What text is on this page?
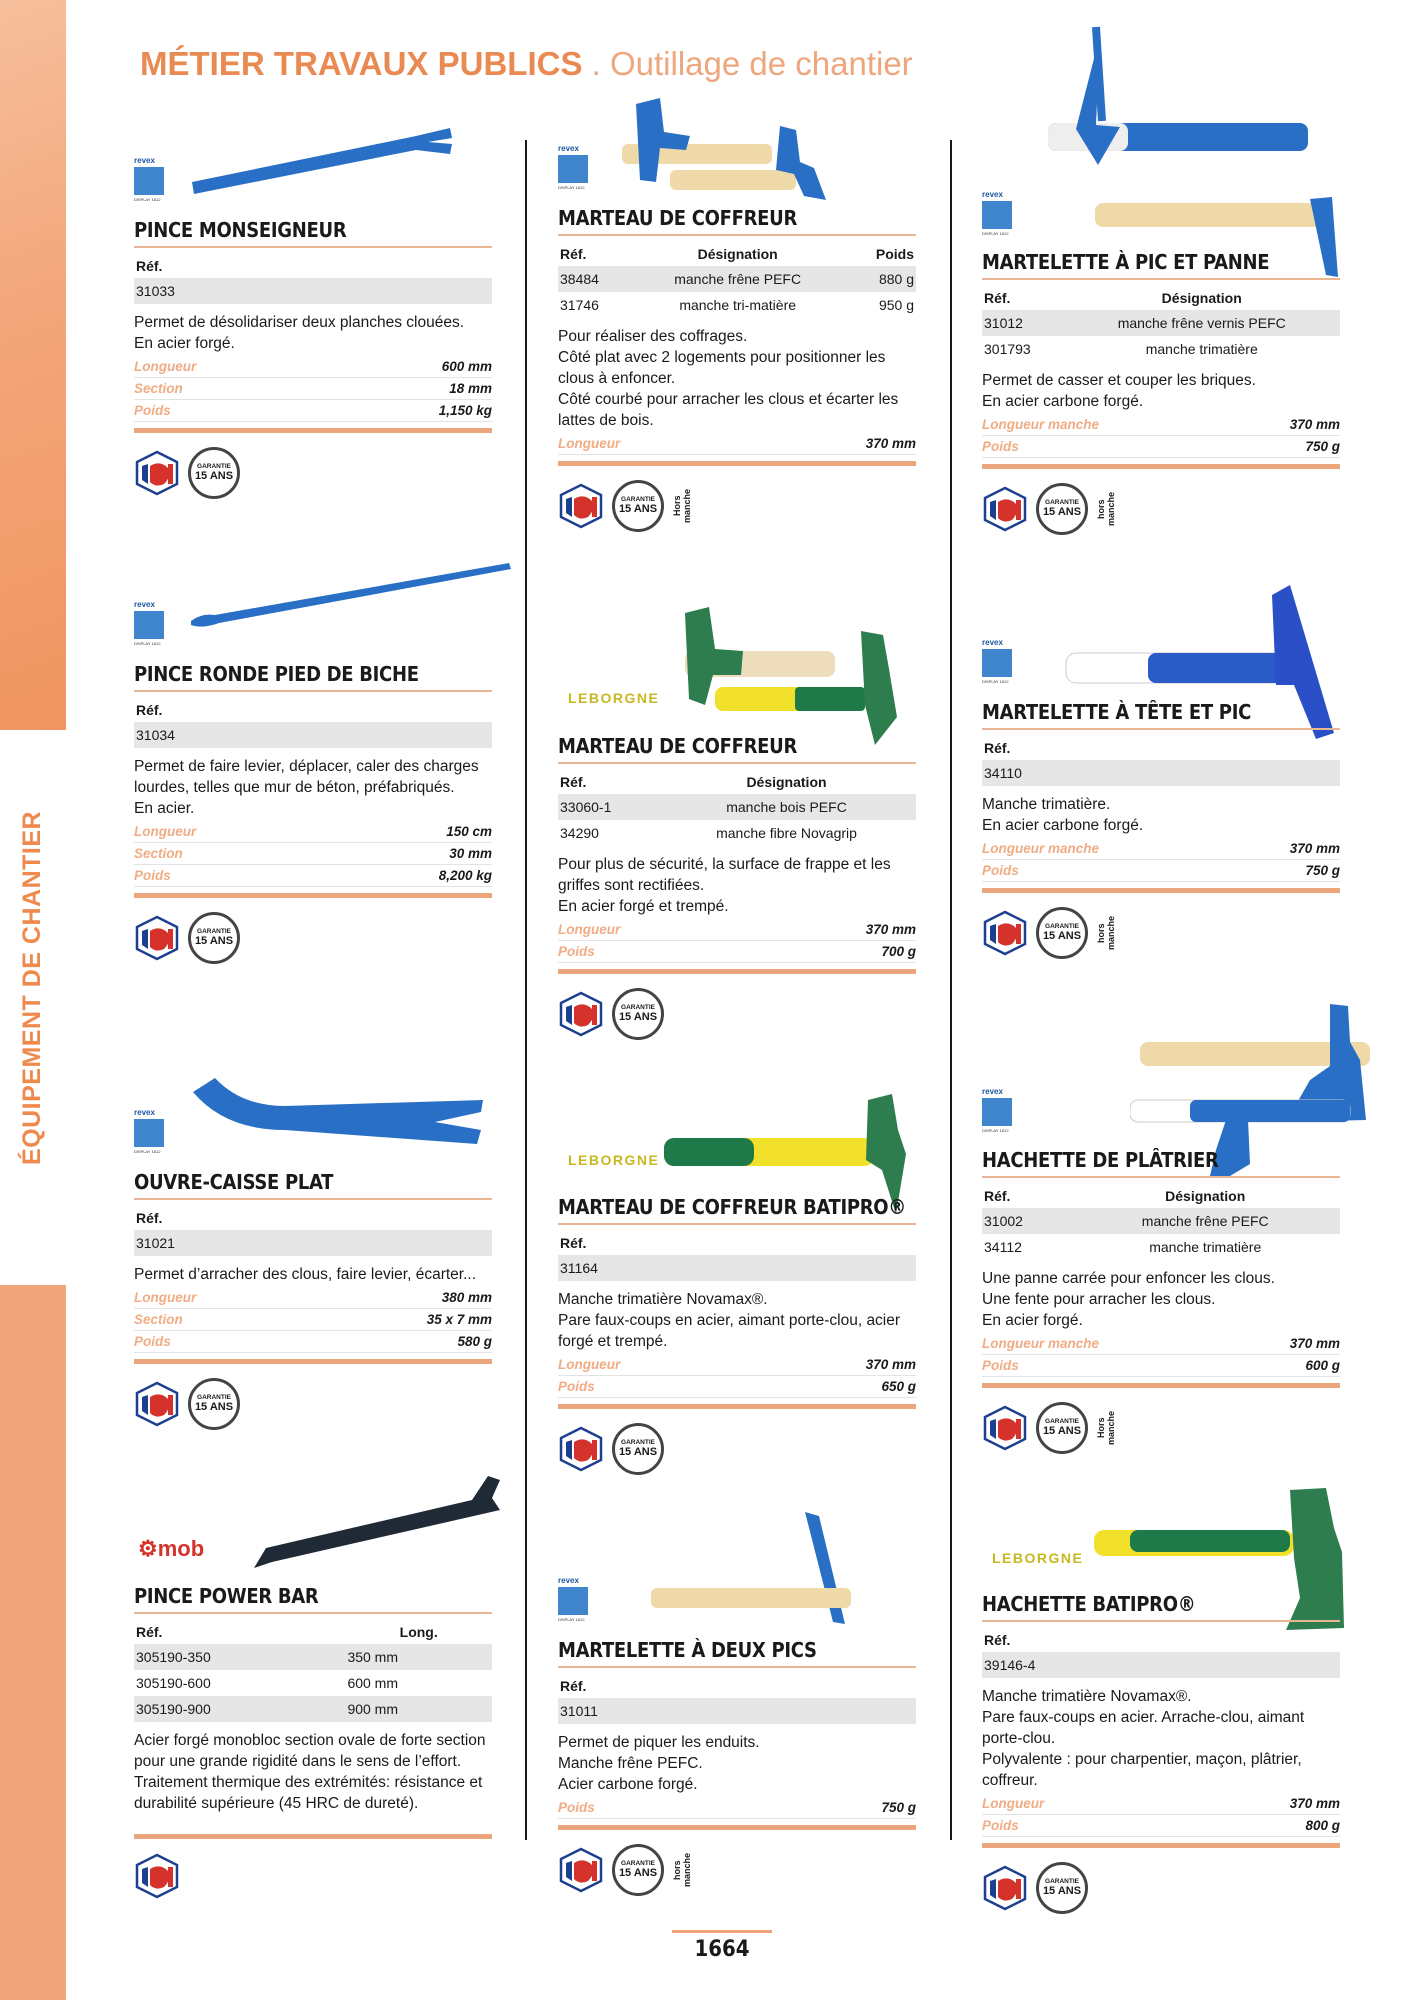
ÉQUIPEMENT DE CHANTIER
MÉTIER TRAVAUX PUBLICS . Outillage de chantier
revex
DISPLAY 1812
PINCE MONSEIGNEUR
Réf.
31033
Permet de désolidariser deux planches clouées.
En acier forgé.
Longueur	600 mm
Section	18 mm
Poids	1,150 kg
GARANTIE
15 ANS
revex
DISPLAY 1812
PINCE RONDE PIED DE BICHE
Réf.
31034
Permet de faire levier, déplacer, caler des charges lourdes, telles que mur de béton, préfabriqués.
En acier.
Longueur	150 cm
Section	30 mm
Poids	8,200 kg
GARANTIE
15 ANS
revex
DISPLAY 1812
OUVRE-CAISSE PLAT
Réf.
31021
Permet d’arracher des clous, faire levier, écarter...
Longueur	380 mm
Section	35 x 7 mm
Poids	580 g
GARANTIE
15 ANS
⚙mob
PINCE POWER BAR
Réf.	Long.
305190-350	350 mm
305190-600	600 mm
305190-900	900 mm
Acier forgé monobloc section ovale de forte section pour une grande rigidité dans le sens de l’effort. Traitement thermique des extrémités: résistance et durabilité supérieure (45 HRC de dureté).
revex
DISPLAY 1812
MARTEAU DE COFFREUR
Réf.	Désignation	Poids
38484	manche frêne PEFC	880 g
31746	manche tri-matière	950 g
Pour réaliser des coffrages.
Côté plat avec 2 logements pour positionner les clous à enfoncer.
Côté courbé pour arracher les clous et écarter les lattes de bois.
Longueur	370 mm
GARANTIE
15 ANS Hors manche
LEBORGNE
MARTEAU DE COFFREUR
Réf.	Désignation
33060-1	manche bois PEFC
34290	manche fibre Novagrip
Pour plus de sécurité, la surface de frappe et les griffes sont rectifiées.
En acier forgé et trempé.
Longueur	370 mm
Poids	700 g
GARANTIE
15 ANS
LEBORGNE
MARTEAU DE COFFREUR BATIPRO®
Réf.
31164
Manche trimatière Novamax®.
Pare faux-coups en acier, aimant porte-clou, acier forgé et trempé.
Longueur	370 mm
Poids	650 g
GARANTIE
15 ANS
revex
DISPLAY 1812
MARTELETTE À DEUX PICS
Réf.
31011
Permet de piquer les enduits.
Manche frêne PEFC.
Acier carbone forgé.
Poids	750 g
GARANTIE
15 ANS hors manche
revex
DISPLAY 1812
MARTELETTE À PIC ET PANNE
Réf.	Désignation
31012	manche frêne vernis PEFC
301793	manche trimatière
Permet de casser et couper les briques.
En acier carbone forgé.
Longueur manche	370 mm
Poids	750 g
GARANTIE
15 ANS hors manche
revex
DISPLAY 1812
MARTELETTE À TÊTE ET PIC
Réf.
34110
Manche trimatière.
En acier carbone forgé.
Longueur manche	370 mm
Poids	750 g
GARANTIE
15 ANS hors manche
revex
DISPLAY 1812
HACHETTE DE PLÂTRIER
Réf.	Désignation
31002	manche frêne PEFC
34112	manche trimatière
Une panne carrée pour enfoncer les clous.
Une fente pour arracher les clous.
En acier forgé.
Longueur manche	370 mm
Poids	600 g
GARANTIE
15 ANS Hors manche
LEBORGNE
HACHETTE BATIPRO®
Réf.
39146-4
Manche trimatière Novamax®.
Pare faux-coups en acier. Arrache-clou, aimant porte-clou.
Polyvalente : pour charpentier, maçon, plâtrier, coffreur.
Longueur	370 mm
Poids	800 g
GARANTIE
15 ANS
1664
